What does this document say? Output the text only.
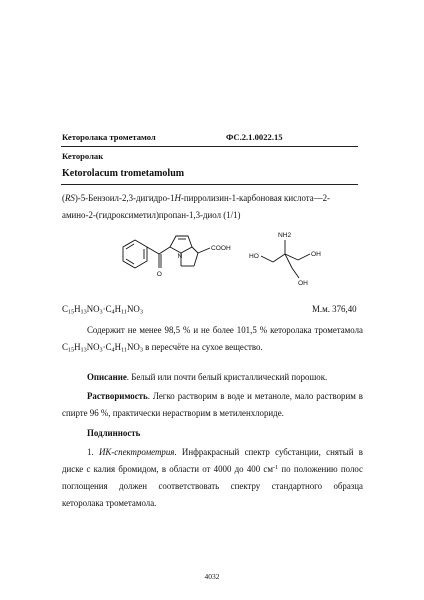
Кеторолака трометамол	ФС.2.1.0022.15
Кеторолак
Ketorolacum trometamolum
(RS)-5-Бензоил-2,3-дигидро-1H-пирролизин-1-карбоновая кислота—2-
амино-2-(гидроксиметил)пропан-1,3-диол (1/1)
N
O
COOH
NH2
HO	OH
OH
$C_{15}H_{13}NO_3\cdot C_4H_{11}NO_3$	М.м. 376,40
Содержит не менее 98,5 % и не более 101,5 % кеторолака трометамола
$C_{15}H_{13}NO_3\cdot C_4H_{11}NO_3$ в пересчёте на сухое вещество.
Описание. Белый или почти белый кристаллический порошок.
Растворимость. Легко растворим в воде и метаноле, мало растворим в
спирте 96 %, практически нерастворим в метиленхлориде.
Подлинность
1. ИК-спектрометрия. Инфракрасный спектр субстанции, снятый в
диске с калия бромидом, в области от 4000 до 400 $см^{-1}$ по положению полос
поглощения должен соответствовать спектру стандартного образца
кеторолака трометамола.
4032
